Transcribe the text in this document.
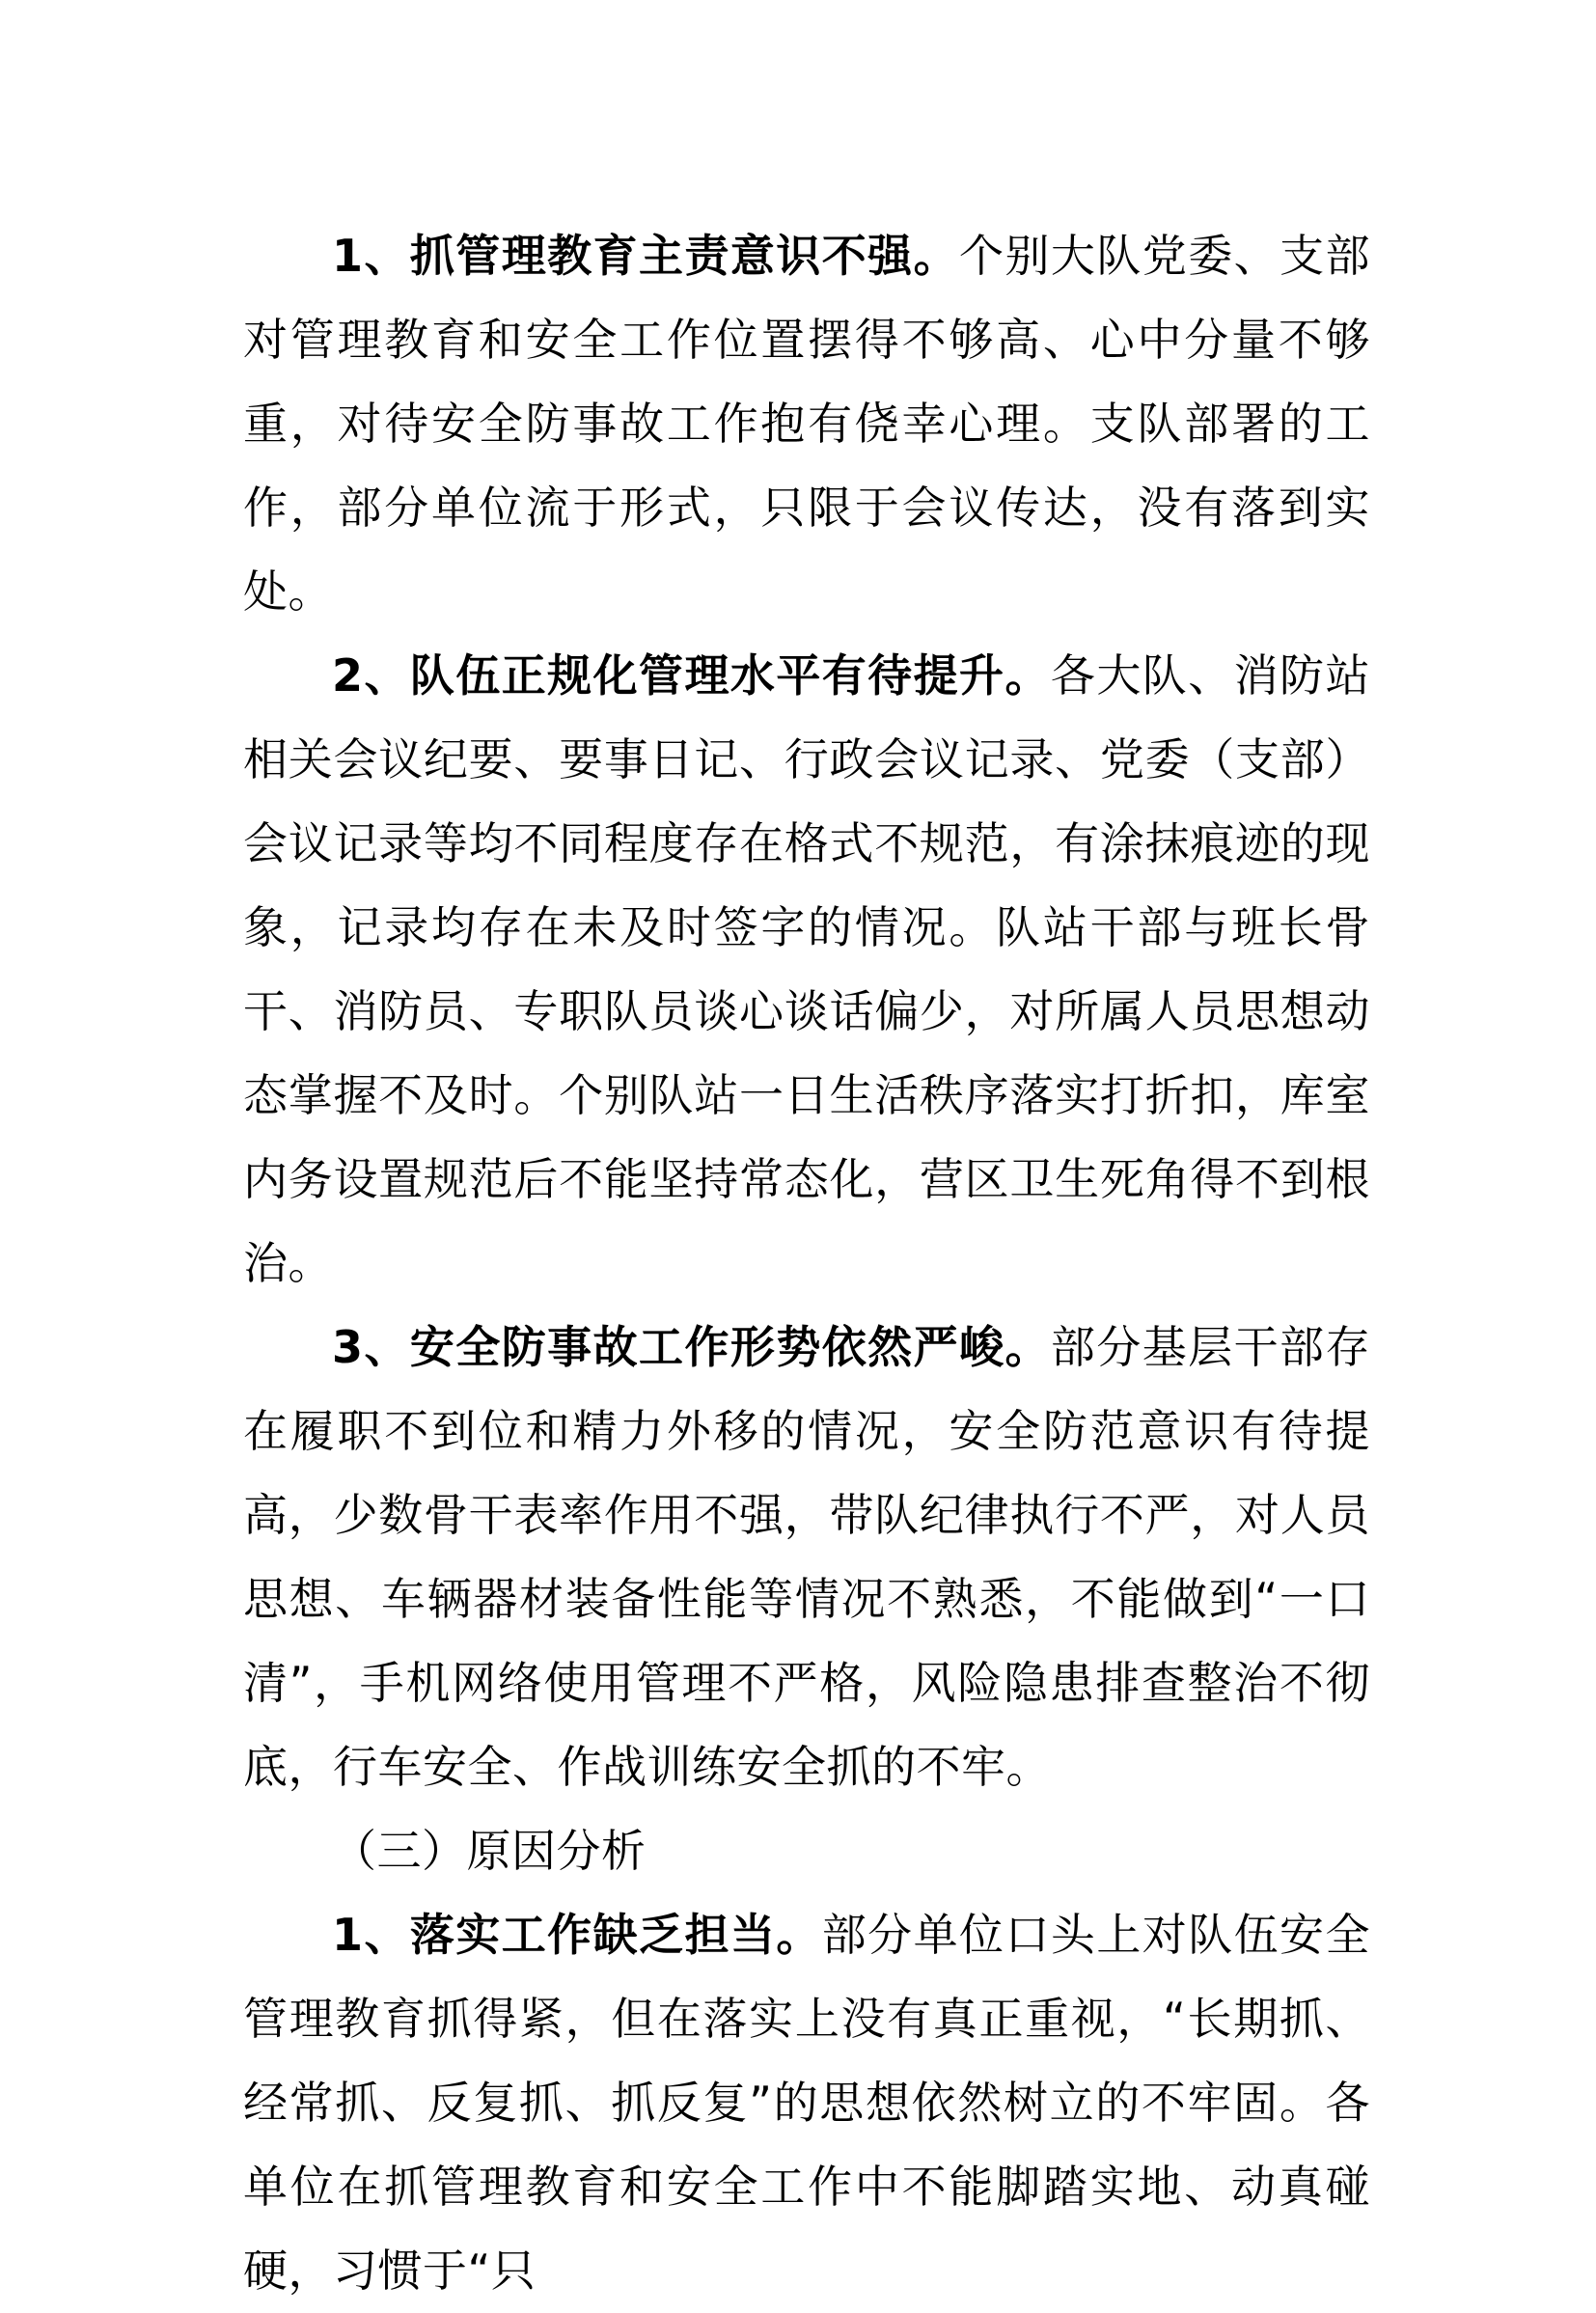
1、抓管理教育主责意识不强。个别大队党委、支部对管理教育和安全工作位置摆得不够高、心中分量不够重，对待安全防事故工作抱有侥幸心理。支队部署的工作，部分单位流于形式，只限于会议传达，没有落到实处。

2、队伍正规化管理水平有待提升。各大队、消防站相关会议纪要、要事日记、行政会议记录、党委（支部）会议记录等均不同程度存在格式不规范，有涂抹痕迹的现象，记录均存在未及时签字的情况。队站干部与班长骨干、消防员、专职队员谈心谈话偏少，对所属人员思想动态掌握不及时。个别队站一日生活秩序落实打折扣，库室内务设置规范后不能坚持常态化，营区卫生死角得不到根治。

3、安全防事故工作形势依然严峻。部分基层干部存在履职不到位和精力外移的情况，安全防范意识有待提高，少数骨干表率作用不强，带队纪律执行不严，对人员思想、车辆器材装备性能等情况不熟悉，不能做到“一口清”，手机网络使用管理不严格，风险隐患排查整治不彻底，行车安全、作战训练安全抓的不牢。

（三）原因分析

1、落实工作缺乏担当。部分单位口头上对队伍安全管理教育抓得紧，但在落实上没有真正重视，“长期抓、经常抓、反复抓、抓反复”的思想依然树立的不牢固。各单位在抓管理教育和安全工作中不能脚踏实地、动真碰硬，习惯于“只
